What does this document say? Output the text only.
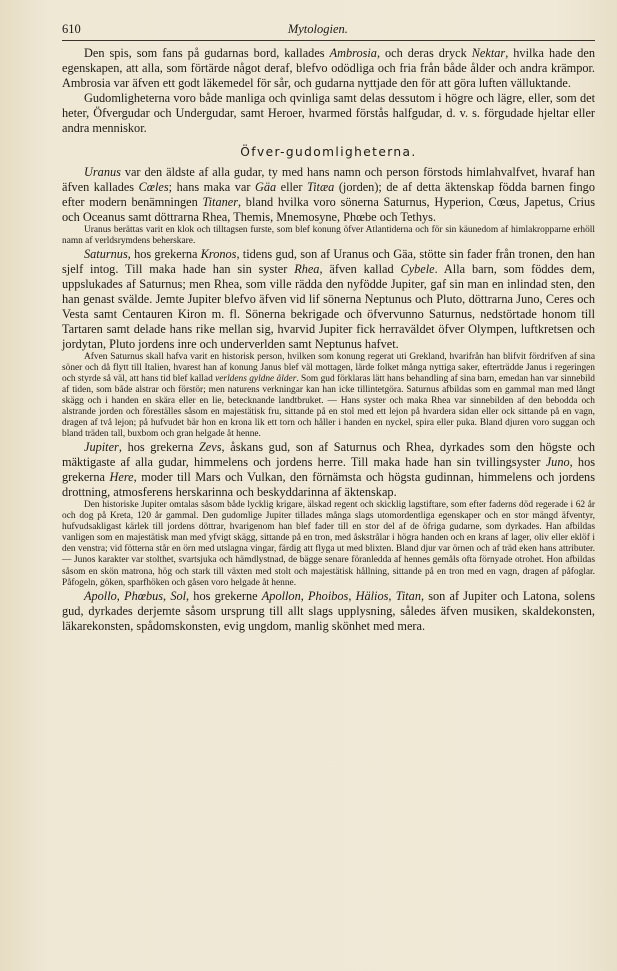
610	Mytologien.

Den spis, som fans på gudarnas bord, kallades Ambrosia, och deras dryck Nektar, hvilka hade den egenskapen, att alla, som förtärde något deraf, blefvo odödliga och fria från både ålder och andra krämpor. Ambrosia var äfven ett godt läkemedel för sår, och gudarna nyttjade den för att göra luften välluktande.

Gudomligheterna voro både manliga och qvinliga samt delas dessutom i högre och lägre, eller, som det heter, Öfvergudar och Undergudar, samt Heroer, hvarmed förstås halfgudar, d. v. s. förgudade hjeltar eller andra menniskor.

Öfver-gudomligheterna.

Uranus var den äldste af alla gudar, ty med hans namn och person förstods himlahvalfvet, hvaraf han äfven kallades Cœles; hans maka var Gäa eller Titæa (jorden); de af detta äktenskap födda barnen fingo efter modern benämningen Titaner, bland hvilka voro sönerna Saturnus, Hyperion, Cœus, Japetus, Crius och Oceanus samt döttrarna Rhea, Themis, Mnemosyne, Phœbe och Tethys.

Uranus berättas varit en klok och tilltagsen furste, som blef konung öfver Atlantiderna och för sin käunedom af himlakropparne erhöll namn af verldsrymdens beherskare.

Saturnus, hos grekerna Kronos, tidens gud, son af Uranus och Gäa, stötte sin fader från tronen, den han sjelf intog. Till maka hade han sin syster Rhea, äfven kallad Cybele. Alla barn, som föddes dem, uppslukades af Saturnus; men Rhea, som ville rädda den nyfödde Jupiter, gaf sin man en inlindad sten, den han genast svälde. Jemte Jupiter blefvo äfven vid lif sönerna Neptunus och Pluto, döttrarna Juno, Ceres och Vesta samt Centauren Kiron m. fl. Sönerna bekrigade och öfvervunno Saturnus, nedstörtade honom till Tartaren samt delade hans rike mellan sig, hvarvid Jupiter fick herraväldet öfver Olympen, luftkretsen och jordytan, Pluto jordens inre och underverlden samt Neptunus hafvet.

Afven Saturnus skall hafva varit en historisk person, hvilken som konung regerat uti Grekland, hvarifrån han blifvit fördrifven af sina söner och då flytt till Italien, hvarest han af konung Janus blef väl mottagen, lärde folket många nyttiga saker, efterträdde Janus i regeringen och styrde så väl, att hans tid blef kallad verldens gyldne ålder. Som gud förklaras lätt hans behandling af sina barn, emedan han var sinnebild af tiden, som både alstrar och förstör; men naturens verkningar kan han icke tillintetgöra. Saturnus afbildas som en gammal man med långt skägg och i handen en skära eller en lie, betecknande landtbruket. — Hans syster och maka Rhea var sinnebilden af den bebodda och alstrande jorden och föreställes såsom en majestätisk fru, sittande på en stol med ett lejon på hvardera sidan eller ock sittande på en vagn, dragen af två lejon; på hufvudet bär hon en krona lik ett torn och håller i handen en nyckel, spira eller puka. Bland djuren voro suggan och bland träden tall, buxbom och gran helgade åt henne.

Jupiter, hos grekerna Zevs, åskans gud, son af Saturnus och Rhea, dyrkades som den högste och mäktigaste af alla gudar, himmelens och jordens herre. Till maka hade han sin tvillingsyster Juno, hos grekerna Here, moder till Mars och Vulkan, den förnämsta och högsta gudinnan, himmelens och jordens drottning, atmosferens herskarinna och beskyddarinna af äktenskap.

Den historiske Jupiter omtalas såsom både lycklig krigare, älskad regent och skicklig lagstiftare, som efter faderns död regerade i 62 år och dog på Kreta, 120 år gammal. Den gudomlige Jupiter tillades många slags utomordentliga egenskaper och en stor mängd äfventyr, hufvudsakligast kärlek till jordens döttrar, hvarigenom han blef fader till en stor del af de öfriga gudarne, som dyrkades. Han afbildas vanligen som en majestätisk man med yfvigt skägg, sittande på en tron, med åskstrålar i högra handen och en krans af lager, oliv eller eklöf i den venstra; vid fötterna står en örn med utslagna vingar, färdig att flyga ut med blixten. Bland djur var örnen och af träd eken hans attributer. — Junos karakter var stolthet, svartsjuka och hämdlystnad, de bägge senare föranledda af hennes gemåls ofta förnyade otrohet. Hon afbildas såsom en skön matrona, hög och stark till växten med stolt och majestätisk hållning, sittande på en tron med en vagn, dragen af påfoglar. Påfogeln, göken, sparfhöken och gåsen voro helgade åt henne.

Apollo, Phœbus, Sol, hos grekerne Apollon, Phoibos, Hälios, Titan, son af Jupiter och Latona, solens gud, dyrkades derjemte såsom ursprung till allt slags upplysning, således äfven musiken, skaldekonsten, läkarekonsten, spådomskonsten, evig ungdom, manlig skönhet med mera.
